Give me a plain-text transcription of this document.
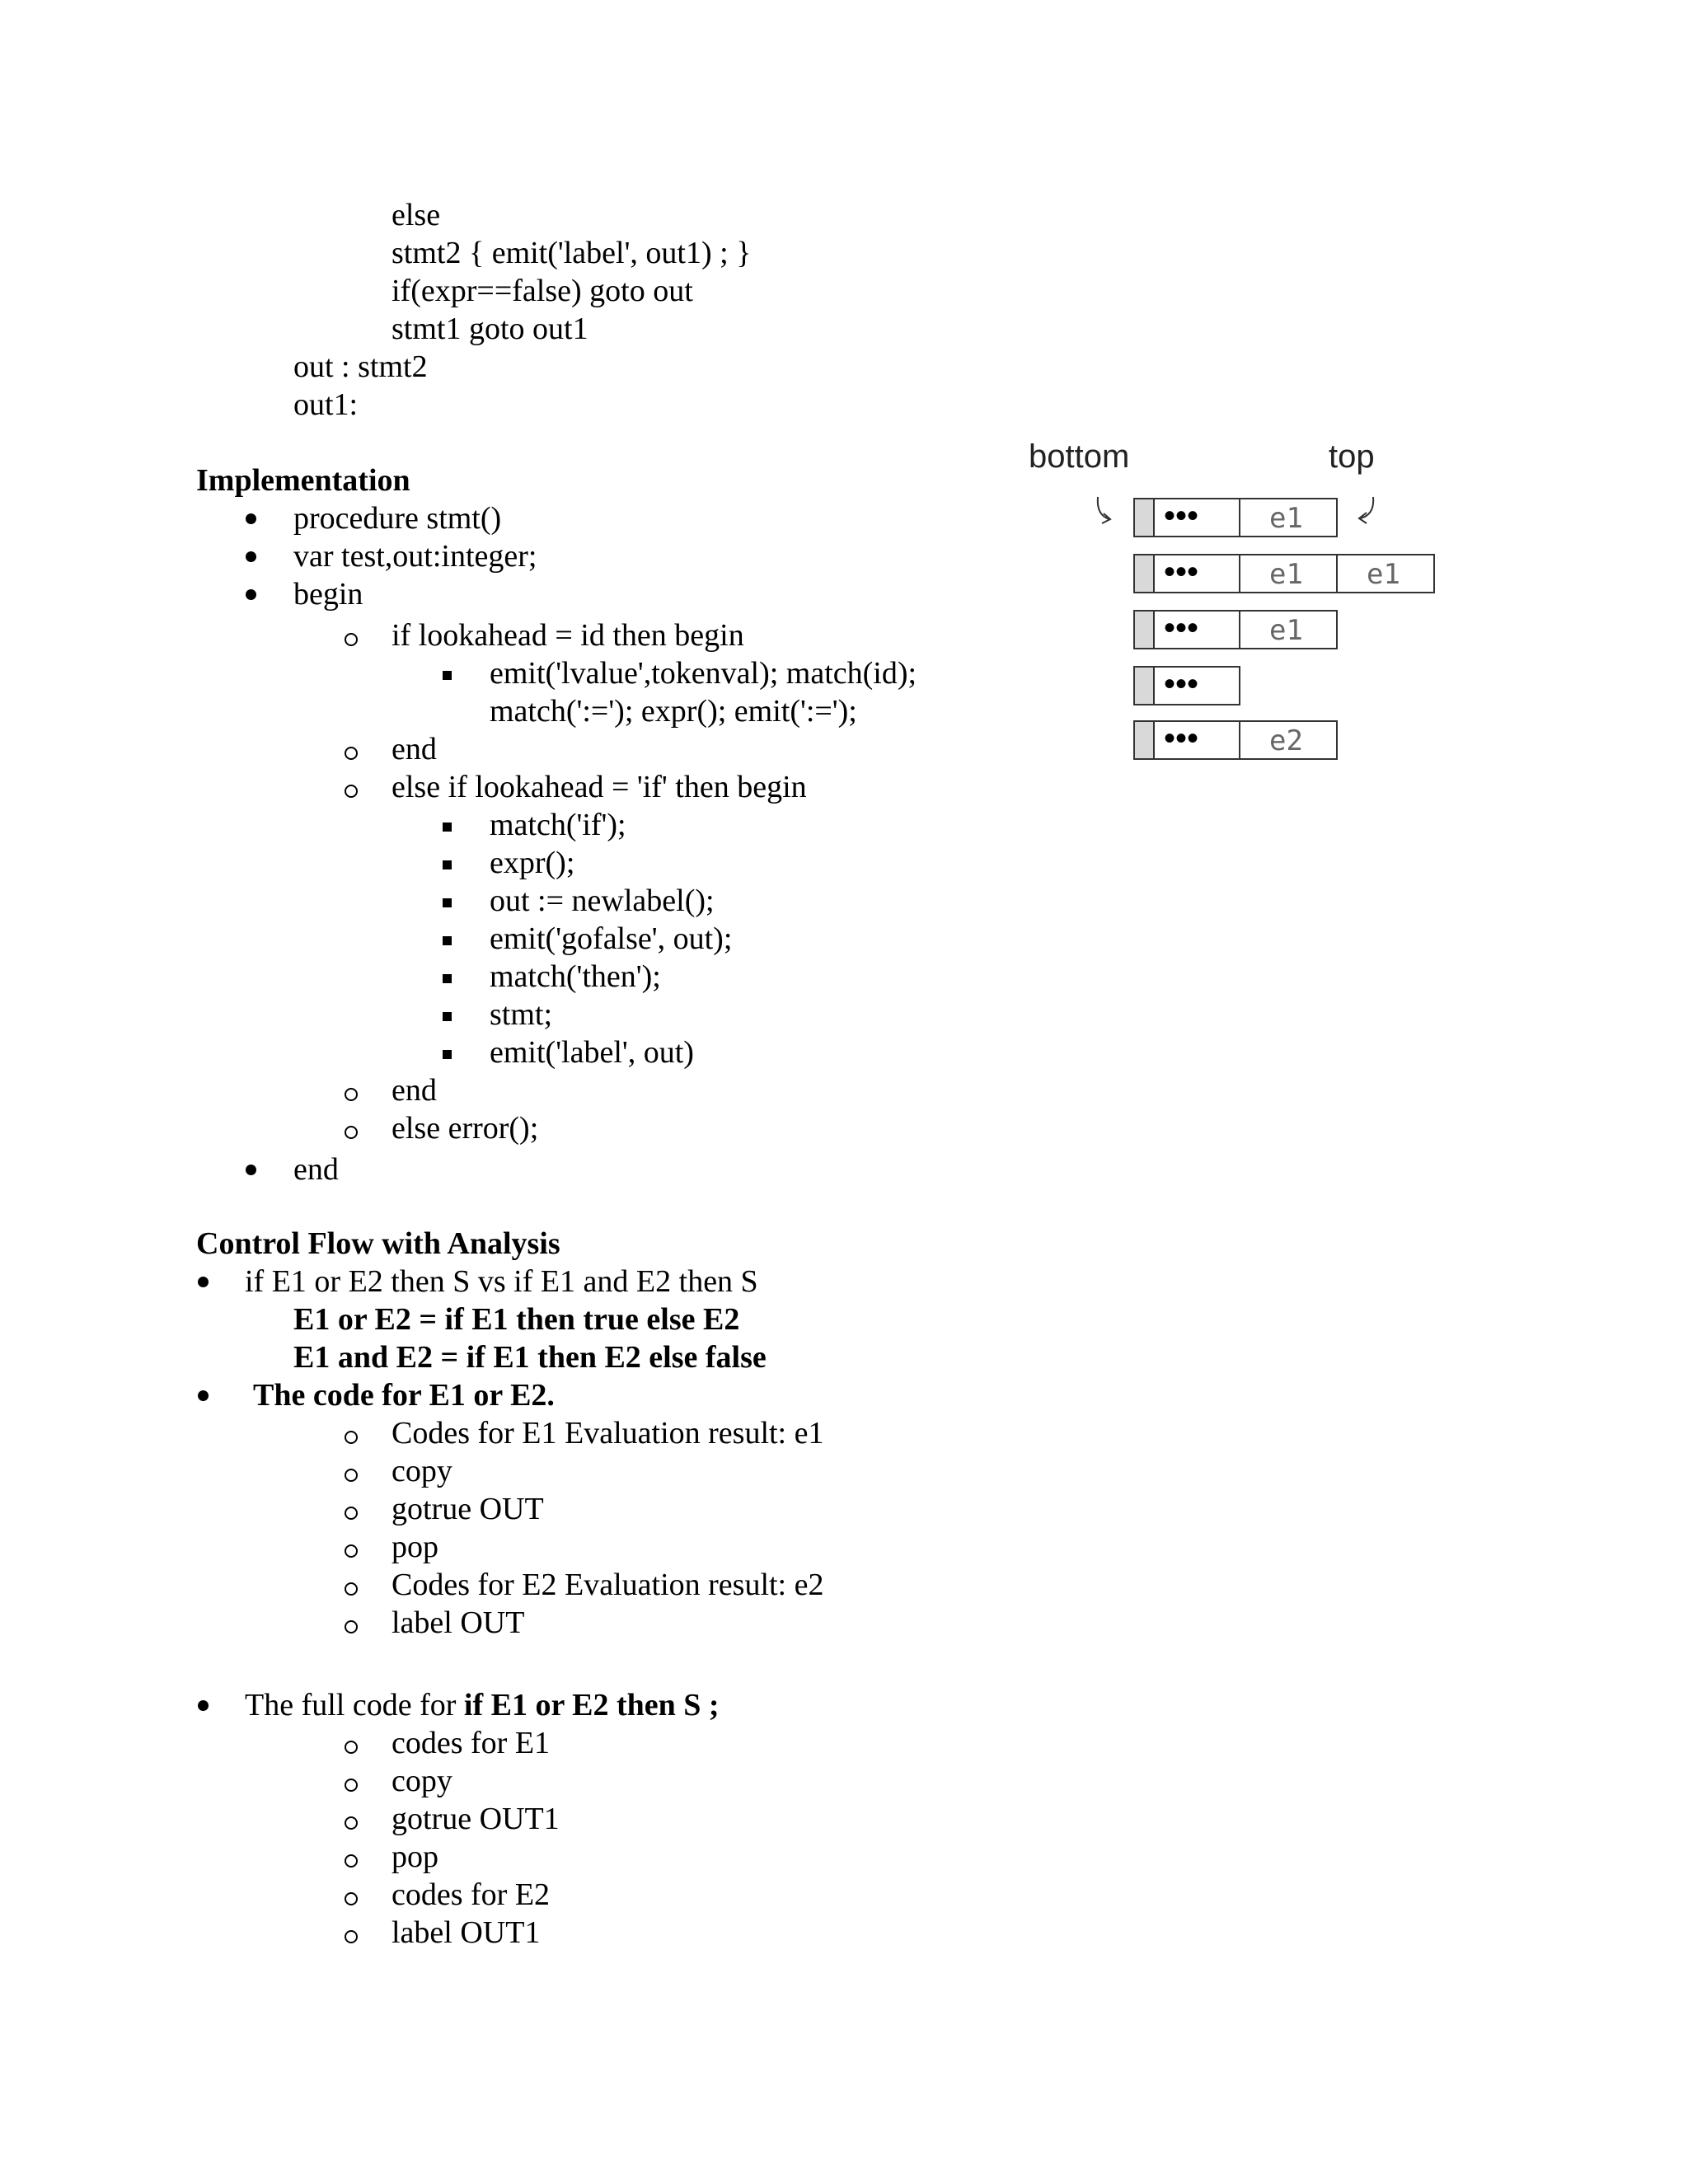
else
stmt2 { emit('label', out1) ; }
if(expr==false) goto out
stmt1 goto out1
out : stmt2
out1:
Implementation
procedure stmt()
var test,out:integer;
begin
if lookahead = id then begin
emit('lvalue',tokenval); match(id);
match(':='); expr(); emit(':=');
end
else if lookahead = 'if' then begin
match('if');
expr();
out := newlabel();
emit('gofalse', out);
match('then');
stmt;
emit('label', out)
end
else error();
end
Control Flow with Analysis
if E1 or E2 then S vs if E1 and E2 then S
E1 or E2 = if E1 then true else E2
E1 and E2 = if E1 then E2 else false
The code for E1 or E2.
Codes for E1 Evaluation result: e1
copy
gotrue OUT
pop
Codes for E2 Evaluation result: e2
label OUT
The full code for if E1 or E2 then S ;
codes for E1
copy
gotrue OUT1
pop
codes for E2
label OUT1
bottom	top
•••	e1
•••	e1 e1
•••	e1
•••
•••	e2
